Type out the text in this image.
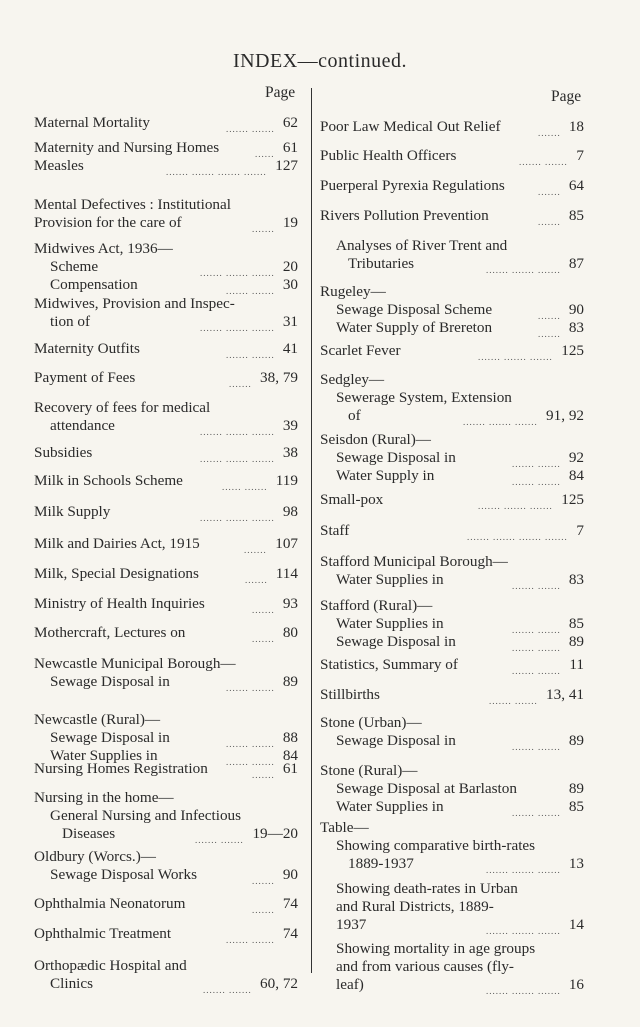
INDEX—continued.
Page	Page
Maternal Mortality	....... ....... 62
Maternity and Nursing Homes	...... 61
Measles	....... ....... ....... ....... 127
Mental Defectives : Institutional
Provision for the care of	....... 19
Midwives Act, 1936—
Scheme	....... ....... ....... 20
Compensation	....... ....... 30
Midwives, Provision and Inspec-
tion of	....... ....... ....... 31
Maternity Outfits	....... ....... 41
Payment of Fees	....... 38, 79
Recovery of fees for medical
attendance	....... ....... ....... 39
Subsidies	....... ....... ....... 38
Milk in Schools Scheme	...... ....... 119
Milk Supply	....... ....... ....... 98
Milk and Dairies Act, 1915	....... 107
Milk, Special Designations	....... 114
Ministry of Health Inquiries	....... 93
Mothercraft, Lectures on	....... 80
Newcastle Municipal Borough—
Sewage Disposal in	....... ....... 89
Newcastle (Rural)—
Sewage Disposal in	....... ....... 88
Water Supplies in	....... ....... 84
Nursing Homes Registration	....... 61
Nursing in the home—
General Nursing and Infectious
Diseases	....... ....... 19—20
Oldbury (Worcs.)—
Sewage Disposal Works	....... 90
Ophthalmia Neonatorum	....... 74
Ophthalmic Treatment	....... ....... 74
Orthopædic Hospital and
Clinics	....... ....... 60, 72
Poor Law Medical Out Relief	....... 18
Public Health Officers	....... ....... 7
Puerperal Pyrexia Regulations	....... 64
Rivers Pollution Prevention	....... 85
Analyses of River Trent and
Tributaries	....... ....... ....... 87
Rugeley—
Sewage Disposal Scheme	....... 90
Water Supply of Brereton	....... 83
Scarlet Fever	....... ....... ....... 125
Sedgley—
Sewerage System, Extension
of	....... ....... ....... 91, 92
Seisdon (Rural)—
Sewage Disposal in	....... ....... 92
Water Supply in	....... ....... 84
Small-pox	....... ....... ....... 125
Staff	....... ....... ....... ....... 7
Stafford Municipal Borough—
Water Supplies in	....... ....... 83
Stafford (Rural)—
Water Supplies in	....... ....... 85
Sewage Disposal in	....... ....... 89
Statistics, Summary of	....... ....... 11
Stillbirths	....... ....... 13, 41
Stone (Urban)—
Sewage Disposal in	....... ....... 89
Stone (Rural)—
Sewage Disposal at Barlaston	89
Water Supplies in	....... ....... 85
Table—
Showing comparative birth-rates
1889-1937	....... ....... ....... 13
Showing death-rates in Urban
and Rural Districts, 1889-
1937	....... ....... ....... 14
Showing mortality in age groups
and from various causes (fly-
leaf)	....... ....... ....... 16
